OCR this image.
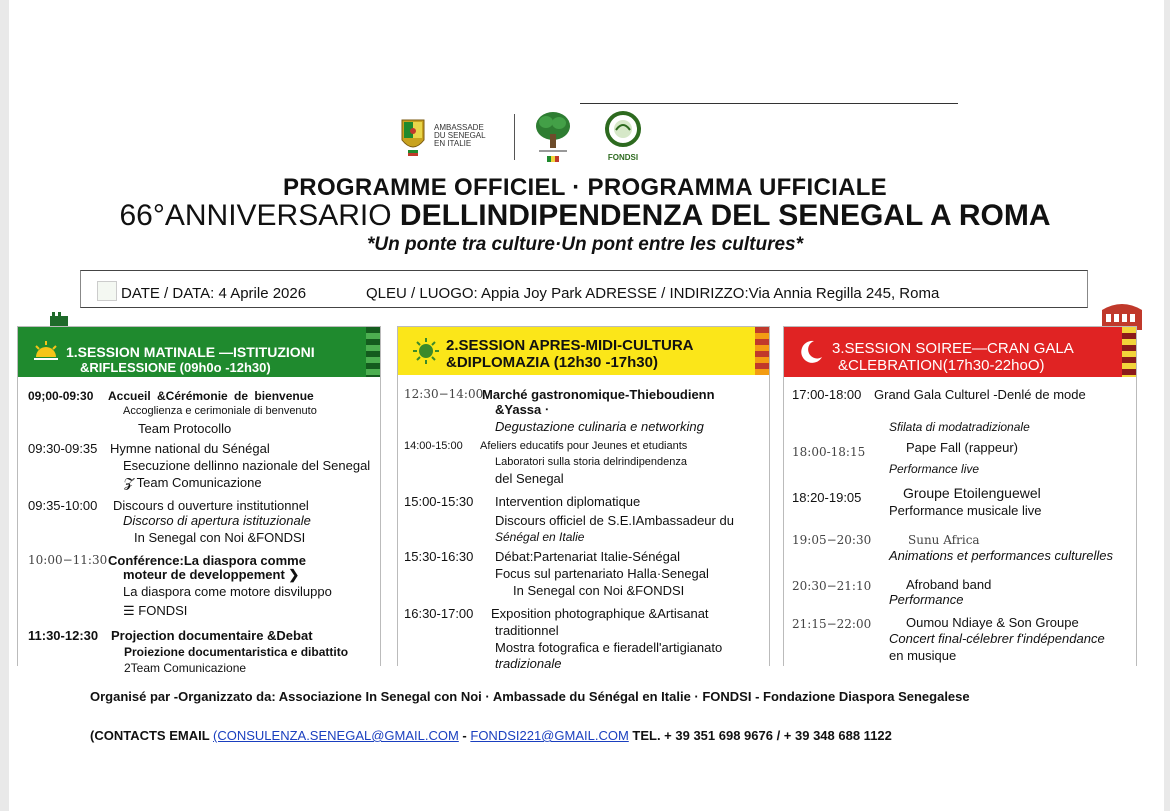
AMBASSADE
DU SENEGAL
EN ITALIE
FONDSI
PROGRAMME OFFICIEL · PROGRAMMA UFFICIALE
66°ANNIVERSARIO DELLINDIPENDENZA DEL SENEGAL A ROMA
*Un ponte tra culture·Un pont entre les cultures*
DATE / DATA: 4 Aprile 2026	QLEU / LUOGO: Appia Joy Park ADRESSE / INDIRIZZO:Via Annia Regilla 245, Roma
1.SESSION MATINALE —ISTITUZIONI
&RIFLESSIONE (09h0o -12h30)
09;00-09:30 Accueil &Cérémonie de bienvenue
Accoglienza e cerimoniale di benvenuto
Team Protocollo
09:30-09:35 Hymne national du Sénégal
Esecuzione dellinno nazionale del Senegal
𝓩 Team Comunicazione
09:35-10:00 Discours d ouverture institutionnel
Discorso di apertura istituzionale
In Senegal con Noi &FONDSI
10:00−11:30 Conférence:La diaspora comme
moteur de developpement ❯
La diaspora come motore disviluppo
☰ FONDSI
11:30-12:30 Projection documentaire &Debat
Proiezione documentaristica e dibattito
2Team Comunicazione
2.SESSION APRES-MIDI-CULTURA
&DIPLOMAZIA (12h30 -17h30)
12:30−14:00
Marché gastronomique-Thieboudienn
&Yassa ᐧ
Degustazione culinaria e networking
14:00-15:00 Afeliers educatifs pour Jeunes et etudiants
Laboratori sulla storia delrindipendenza
del Senegal
15:00-15:30 Intervention diplomatique
Discours officiel de S.E.IAmbassadeur du
Sénégal en Italie
15:30-16:30 Débat:Partenariat Italie-Sénégal
Focus sul partenariato Halla·Senegal
In Senegal con Noi &FONDSI
16:30-17:00 Exposition photographique &Artisanat
traditionnel
Mostra fotografica e fieradell'artigianato
tradizionale
3.SESSION SOIREE—CRAN GALA
&CLEBRATION(17h30-22hoO)
17:00-18:00 Grand Gala Culturel -Denlé de mode
Sfilata di modatradizionale
18:00-18:15	Pape Fall (rappeur)
Performance live
18:20-19:05	Groupe Etoilenguewel
Performance musicale live
19:05−20:30	Sunu Africa
Animations et performances culturelles
20:30−21:10	Afroband band
Performance
21:15−22:00	Oumou Ndiaye & Son Groupe
Concert final-célebrer f'indépendance
en musique
Organisé par -Organizzato da: Associazione In Senegal con Noi · Ambassade du Sénégal en Italie · FONDSI - Fondazione Diaspora Senegalese
(CONTACTS EMAIL (CONSULENZA.SENEGAL@GMAIL.COM - FONDSI221@GMAIL.COM TEL. + 39 351 698 9676 / + 39 348 688 1122
